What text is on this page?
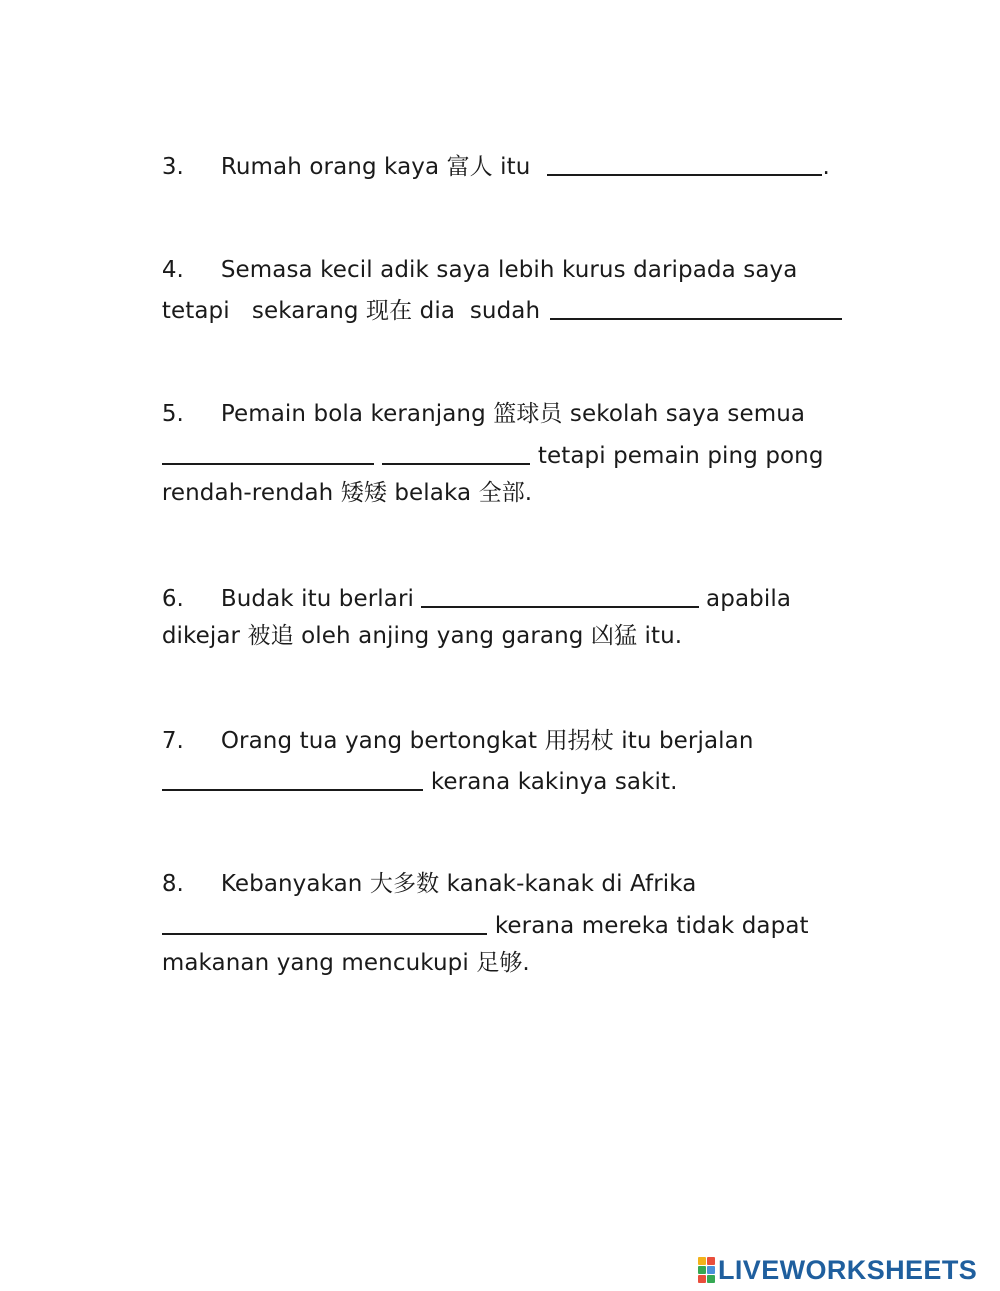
3. Rumah orang kaya 富人 itu	.

4. Semasa kecil adik saya lebih kurus daripada saya

tetapi   sekarang 现在 dia  sudah

5. Pemain bola keranjang 篮球员 sekolah saya semua

tetapi pemain ping pong

rendah-rendah 矮矮 belaka 全部.

6. Budak itu berlari	apabila

dikejar 被追 oleh anjing yang garang 凶猛 itu.

7. Orang tua yang bertongkat 用拐杖 itu berjalan

kerana kakinya sakit.

8. Kebanyakan 大多数 kanak-kanak di Afrika

kerana mereka tidak dapat

makanan yang mencukupi 足够.

LIVEWORKSHEETS
